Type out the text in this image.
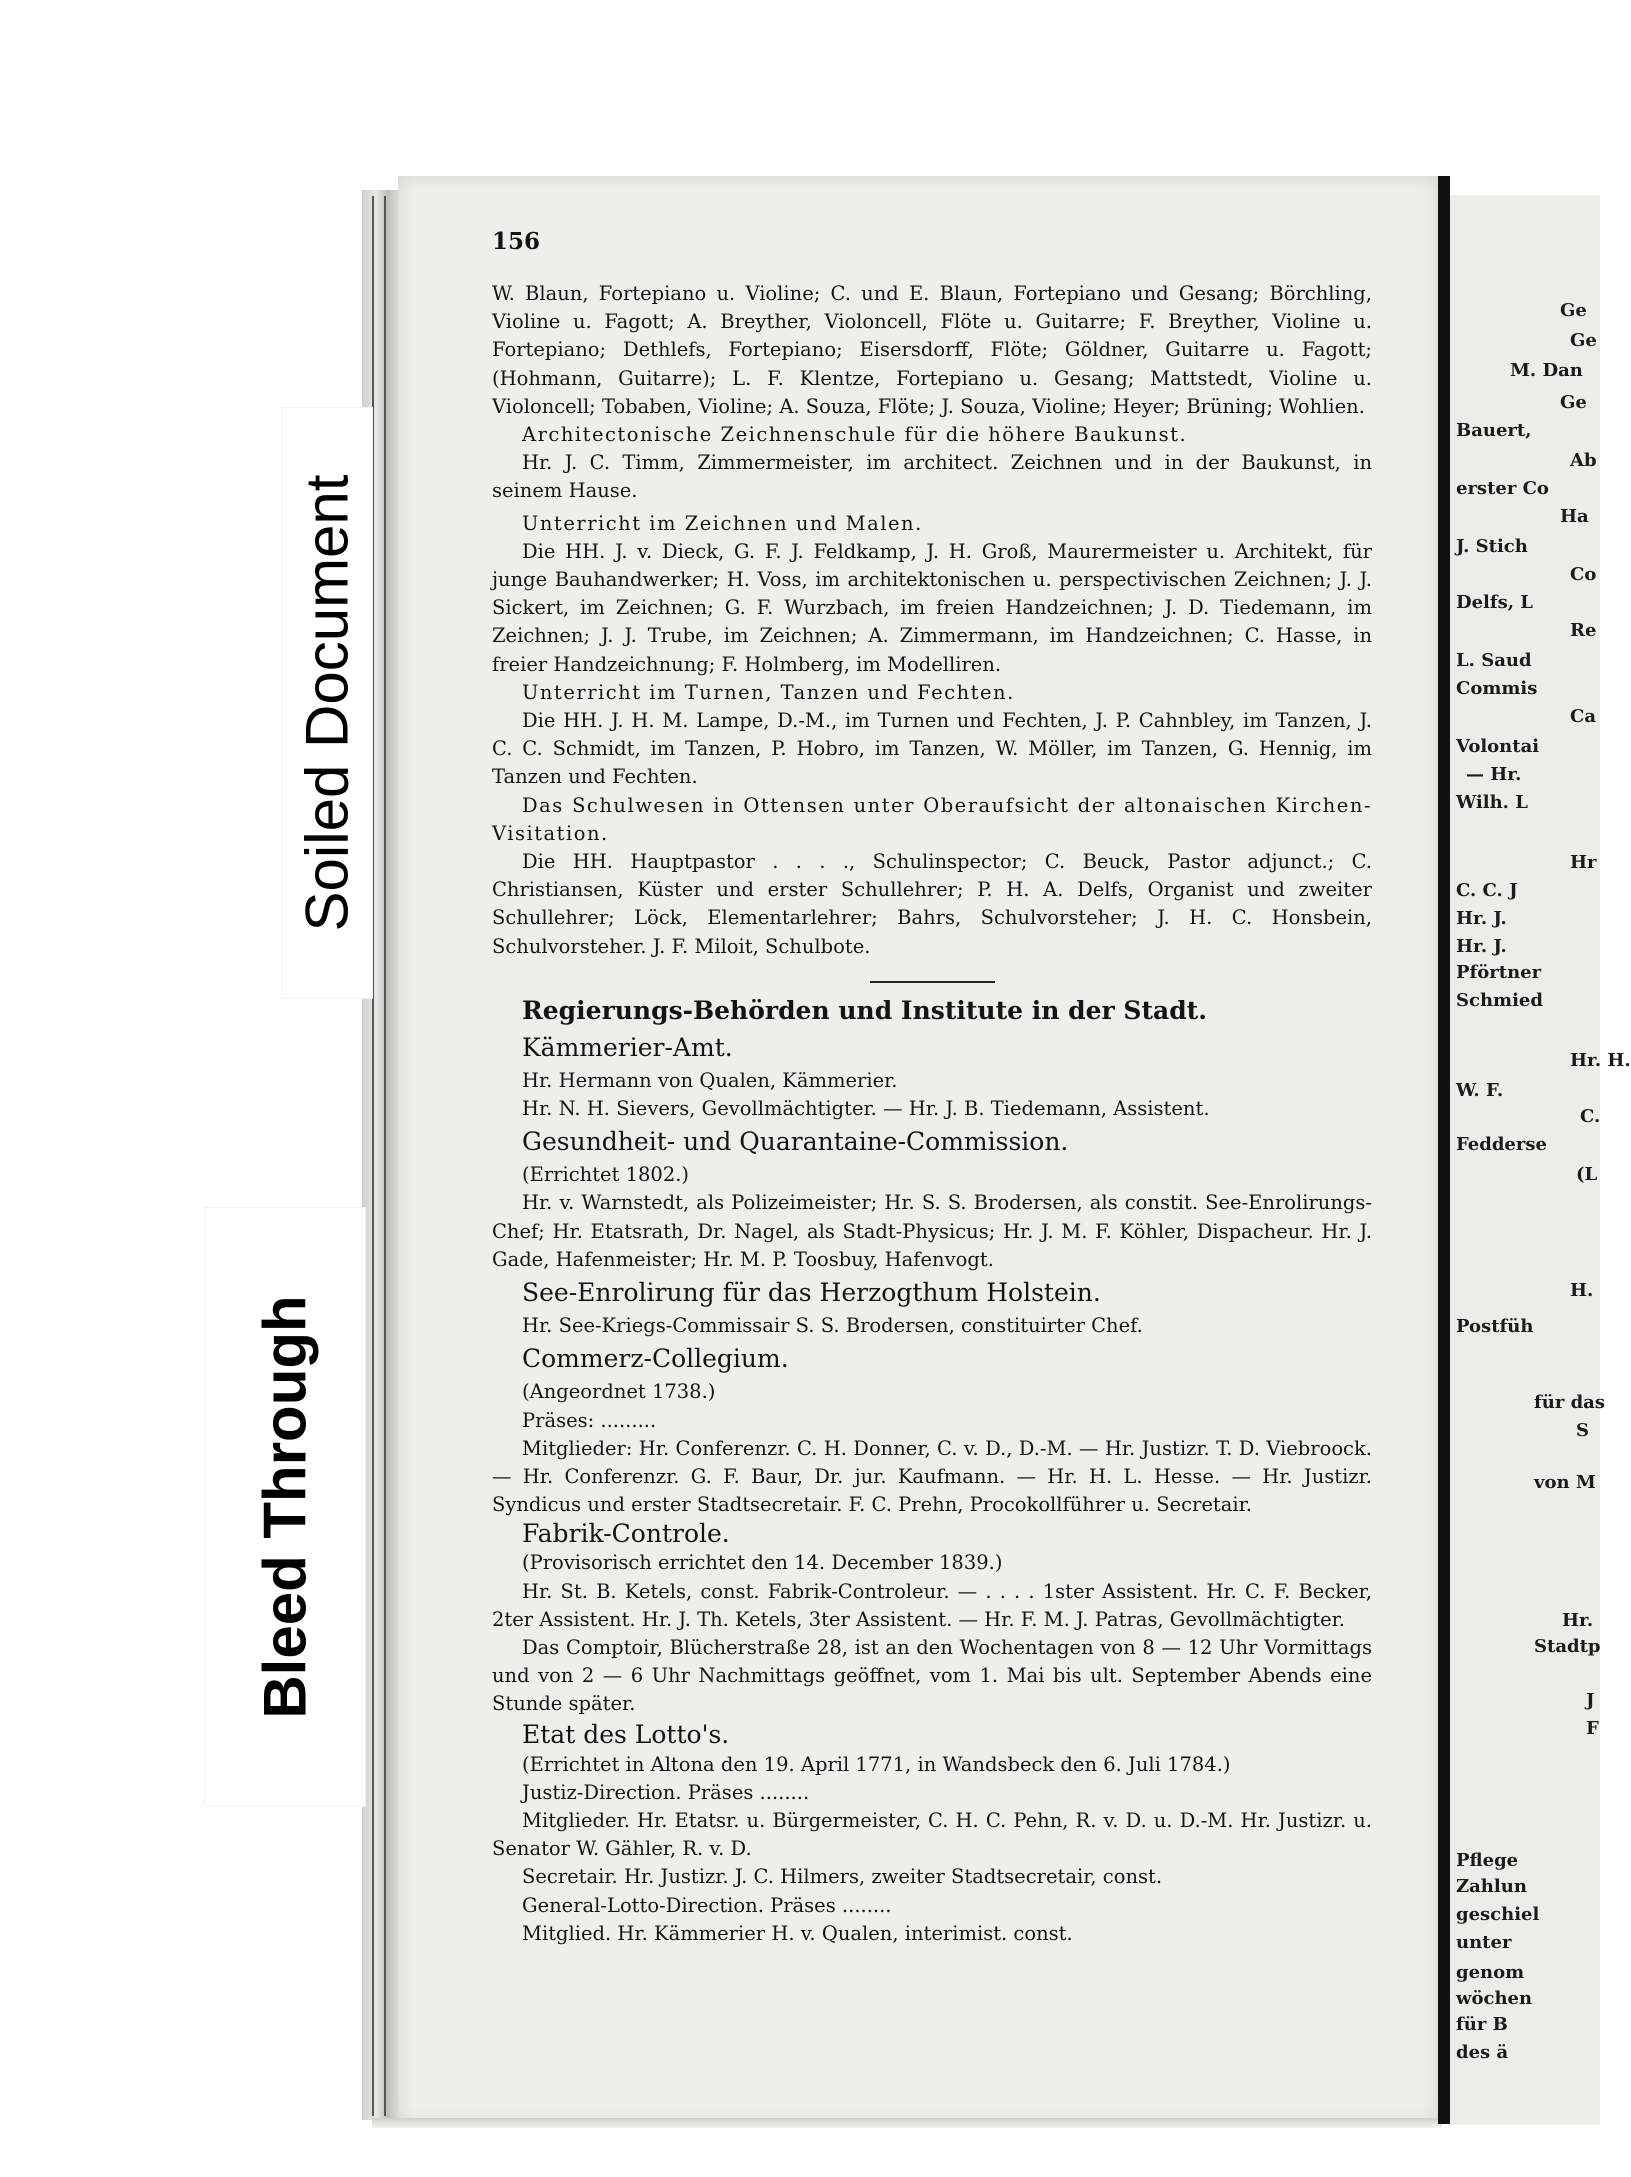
Ge
Ge
M. Dan
Ge
Bauert,
Ab
erster Co
Ha
J. Stich
Co
Delfs, L
Re
L. Saud
Commis
Ca
Volontai
— Hr.
Wilh. L
Hr
C. C. J
Hr. J.
Hr. J.
Pförtner
Schmied
Hr. H.
W. F.
C.
Fedderse
(L
H.
Postfüh
für das
S
von M
Hr.
Stadtp
J
F
Pflege
Zahlun
geschiel
unter
genom
wöchen
für B
des ä
156

W. Blaun, Fortepiano u. Violine; C. und E. Blaun, Fortepiano und Gesang; Börchling, Violine u. Fagott; A. Breyther, Violoncell, Flöte u. Guitarre; F. Breyther, Violine u. Fortepiano; Dethlefs, Fortepiano; Eisersdorff, Flöte; Göldner, Guitarre u. Fagott; (Hohmann, Guitarre); L. F. Klentze, Fortepiano u. Gesang; Mattstedt, Violine u. Violoncell; Tobaben, Violine; A. Souza, Flöte; J. Souza, Violine; Heyer; Brüning; Wohlien.

Architectonische Zeichnenschule für die höhere Baukunst.

Hr. J. C. Timm, Zimmermeister, im architect. Zeichnen und in der Baukunst, in seinem Hause.

Unterricht im Zeichnen und Malen.

Die HH. J. v. Dieck, G. F. J. Feldkamp, J. H. Groß, Maurermeister u. Architekt, für junge Bauhandwerker; H. Voss, im architektonischen u. perspectivischen Zeichnen; J. J. Sickert, im Zeichnen; G. F. Wurzbach, im freien Handzeichnen; J. D. Tiedemann, im Zeichnen; J. J. Trube, im Zeichnen; A. Zimmermann, im Handzeichnen; C. Hasse, in freier Handzeichnung; F. Holmberg, im Modelliren.

Unterricht im Turnen, Tanzen und Fechten.

Die HH. J. H. M. Lampe, D.-M., im Turnen und Fechten, J. P. Cahnbley, im Tanzen, J. C. C. Schmidt, im Tanzen, P. Hobro, im Tanzen, W. Möller, im Tanzen, G. Hennig, im Tanzen und Fechten.

Das Schulwesen in Ottensen unter Oberaufsicht der altonaischen Kirchen-Visitation.

Die HH. Hauptpastor . . . ., Schulinspector; C. Beuck, Pastor adjunct.; C. Christiansen, Küster und erster Schullehrer; P. H. A. Delfs, Organist und zweiter Schullehrer; Löck, Elementarlehrer; Bahrs, Schulvorsteher; J. H. C. Honsbein, Schulvorsteher. J. F. Miloit, Schulbote.

Regierungs-Behörden und Institute in der Stadt.

Kämmerier-Amt.

Hr. Hermann von Qualen, Kämmerier.

Hr. N. H. Sievers, Gevollmächtigter. — Hr. J. B. Tiedemann, Assistent.

Gesundheit- und Quarantaine-Commission.

(Errichtet 1802.)

Hr. v. Warnstedt, als Polizeimeister; Hr. S. S. Brodersen, als constit. See-Enrolirungs-Chef; Hr. Etatsrath, Dr. Nagel, als Stadt-Physicus; Hr. J. M. F. Köhler, Dispacheur. Hr. J. Gade, Hafenmeister; Hr. M. P. Toosbuy, Hafenvogt.

See-Enrolirung für das Herzogthum Holstein.

Hr. See-Kriegs-Commissair S. S. Brodersen, constituirter Chef.

Commerz-Collegium.

(Angeordnet 1738.)

Präses: .........

Mitglieder: Hr. Conferenzr. C. H. Donner, C. v. D., D.-M. — Hr. Justizr. T. D. Viebroock. — Hr. Conferenzr. G. F. Baur, Dr. jur. Kaufmann. — Hr. H. L. Hesse. — Hr. Justizr. Syndicus und erster Stadtsecretair. F. C. Prehn, Procokollführer u. Secretair.

Fabrik-Controle.

(Provisorisch errichtet den 14. December 1839.)

Hr. St. B. Ketels, const. Fabrik-Controleur. — . . . . 1ster Assistent. Hr. C. F. Becker, 2ter Assistent. Hr. J. Th. Ketels, 3ter Assistent. — Hr. F. M. J. Patras, Gevollmächtigter.

Das Comptoir, Blücherstraße 28, ist an den Wochentagen von 8 — 12 Uhr Vormittags und von 2 — 6 Uhr Nachmittags geöffnet, vom 1. Mai bis ult. September Abends eine Stunde später.

Etat des Lotto's.

(Errichtet in Altona den 19. April 1771, in Wandsbeck den 6. Juli 1784.)

Justiz-Direction. Präses ........

Mitglieder. Hr. Etatsr. u. Bürgermeister, C. H. C. Pehn, R. v. D. u. D.-M. Hr. Justizr. u. Senator W. Gähler, R. v. D.

Secretair. Hr. Justizr. J. C. Hilmers, zweiter Stadtsecretair, const.

General-Lotto-Direction. Präses ........

Mitglied. Hr. Kämmerier H. v. Qualen, interimist. const.

Soiled Document
Bleed Through
